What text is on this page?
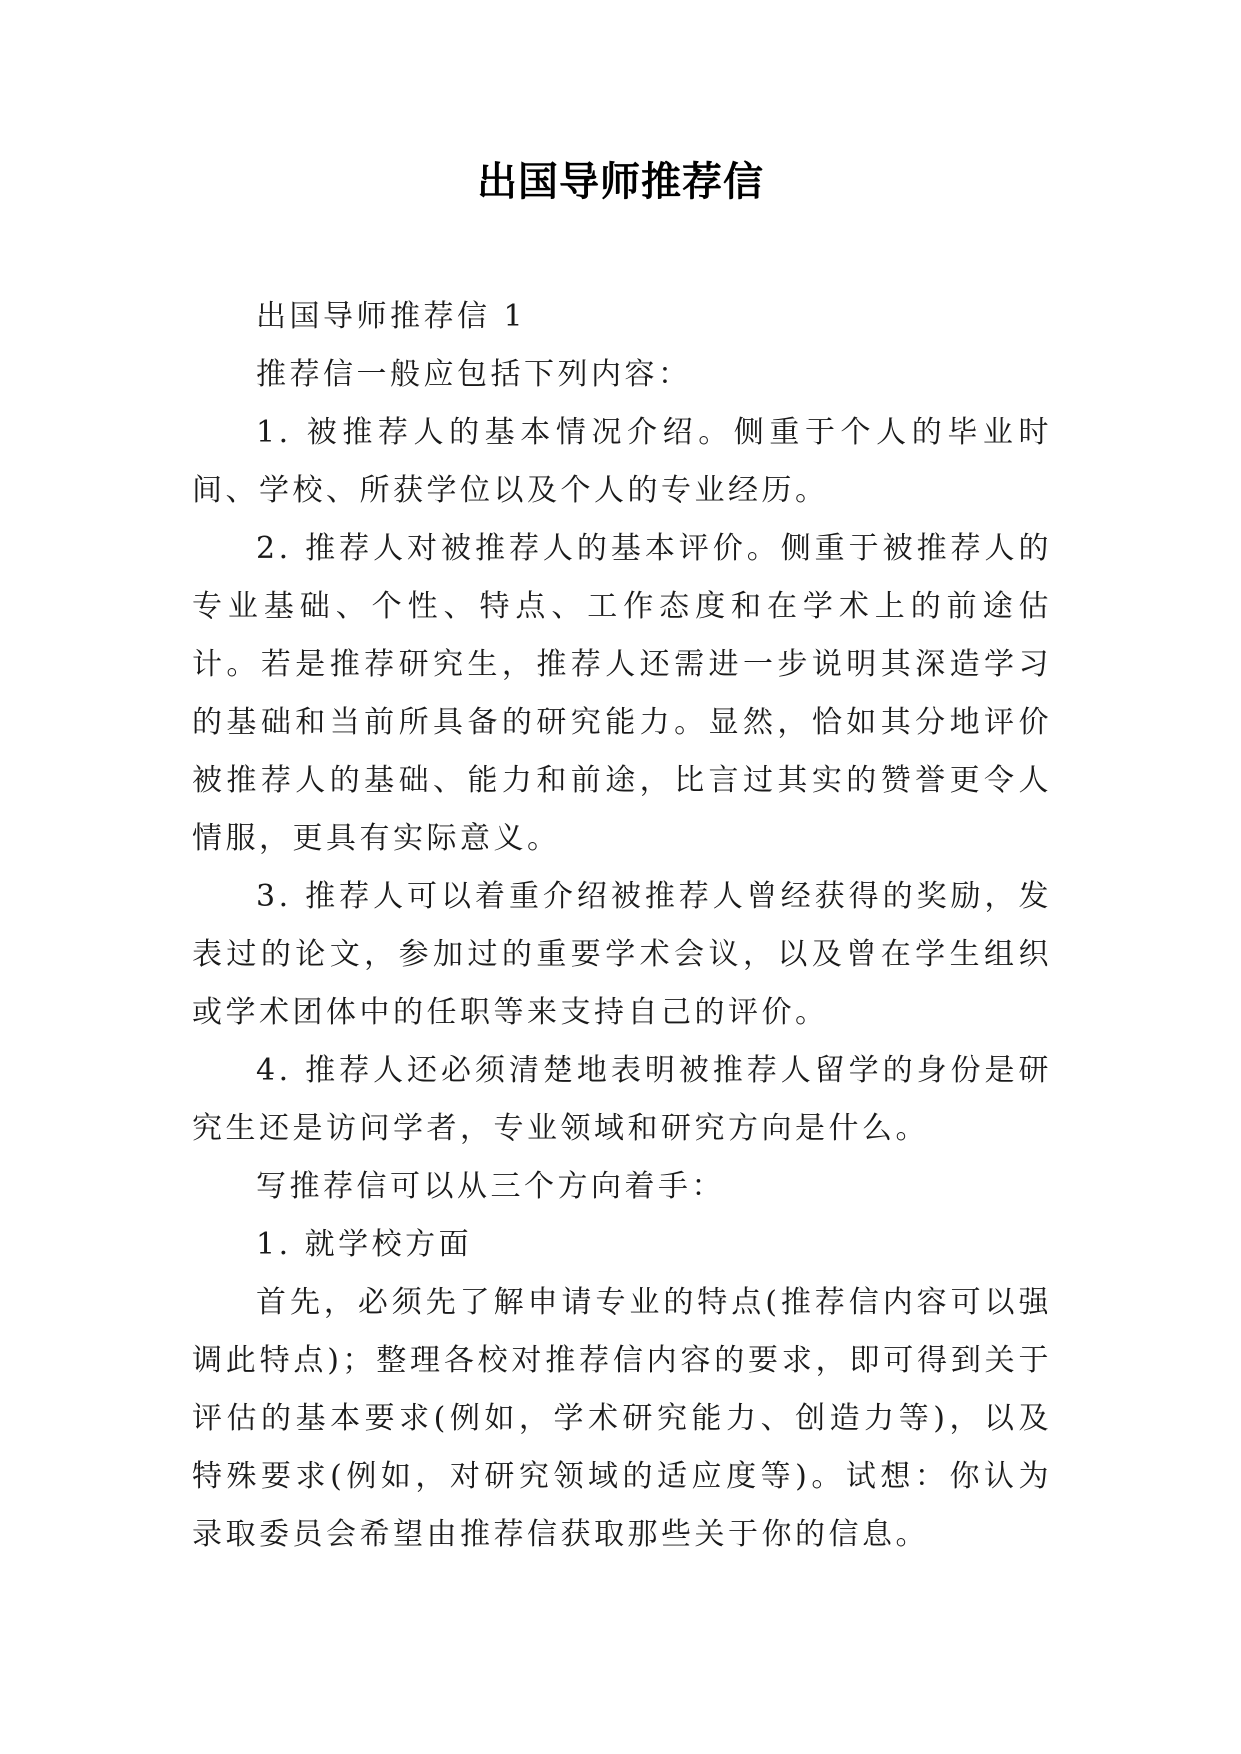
出国导师推荐信

出国导师推荐信 1

推荐信一般应包括下列内容：

1. 被推荐人的基本情况介绍。侧重于个人的毕业时间、学校、所获学位以及个人的专业经历。

2. 推荐人对被推荐人的基本评价。侧重于被推荐人的专业基础、个性、特点、工作态度和在学术上的前途估计。若是推荐研究生，推荐人还需进一步说明其深造学习的基础和当前所具备的研究能力。显然，恰如其分地评价被推荐人的基础、能力和前途，比言过其实的赞誉更令人情服，更具有实际意义。

3. 推荐人可以着重介绍被推荐人曾经获得的奖励，发表过的论文，参加过的重要学术会议，以及曾在学生组织或学术团体中的任职等来支持自己的评价。

4. 推荐人还必须清楚地表明被推荐人留学的身份是研究生还是访问学者，专业领域和研究方向是什么。

写推荐信可以从三个方向着手：

1. 就学校方面

首先，必须先了解申请专业的特点(推荐信内容可以强调此特点)；整理各校对推荐信内容的要求，即可得到关于评估的基本要求(例如，学术研究能力、创造力等)，以及特殊要求(例如，对研究领域的适应度等)。试想：你认为录取委员会希望由推荐信获取那些关于你的信息。
